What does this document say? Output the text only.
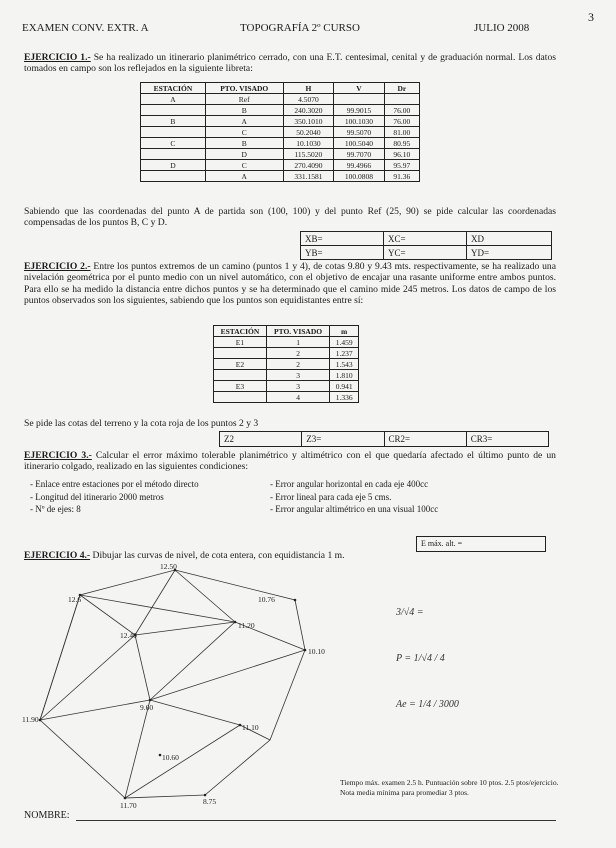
EXAMEN CONV. EXTR. A	TOPOGRAFÍA 2º CURSO	JULIO 2008
3
EJERCICIO 1.- Se ha realizado un itinerario planimétrico cerrado, con una E.T. centesimal, cenital y de graduación normal. Los datos tomados en campo son los reflejados en la siguiente libreta:
ESTACIÓN	PTO. VISADO	H	V	Dr
A	Ref	4.5070		
	B	240.3020	99.9015	76.00
B	A	350.1010	100.1030	76.00
	C	50.2040	99.5070	81.00
C	B	10.1030	100.5040	80.95
	D	115.5020	99.7070	96.10
D	C	270.4090	99.4966	95.97
	A	331.1581	100.0808	91.36
Sabiendo que las coordenadas del punto A de partida son (100, 100) y del punto Ref (25, 90) se pide calcular las coordenadas compensadas de los puntos B, C y D.
XB=	XC=	XD
YB=	YC=	YD=
EJERCICIO 2.- Entre los puntos extremos de un camino (puntos 1 y 4), de cotas 9.80 y 9.43 mts. respectivamente, se ha realizado una nivelación geométrica por el punto medio con un nivel automático, con el objetivo de encajar una rasante uniforme entre ambos puntos. Para ello se ha medido la distancia entre dichos puntos y se ha determinado que el camino mide 245 metros. Los datos de campo de los puntos observados son los siguientes, sabiendo que los puntos son equidistantes entre sí:
ESTACIÓN	PTO. VISADO	m
E1	1	1.459
	2	1.237
E2	2	1.543
	3	1.810
E3	3	0.941
	4	1.336
Se pide las cotas del terreno y la cota roja de los puntos 2 y 3
Z2	Z3=	CR2=	CR3=
EJERCICIO 3.- Calcular el error máximo tolerable planimétrico y altimétrico con el que quedaría afectado el último punto de un itinerario colgado, realizado en las siguientes condiciones:
- Enlace entre estaciones por el método directo
- Longitud del itinerario 2000 metros
- Nº de ejes: 8
- Error angular horizontal en cada eje 400cc
- Error lineal para cada eje 5 cms.
- Error angular altimétrico en una visual 100cc
EJERCICIO 4.- Dibujar las curvas de nivel, de cota entera, con equidistancia 1 m.
E máx. alt. =
12.50
12.6	10.76
12.40
11.20
10.10
11.90
9.60
11.10
10.60
11.70	8.75
3/√4 =
P = 1/√4 / 4
Ae = 1/4 / 3000
Tiempo máx. examen 2.5 h. Puntuación sobre 10 ptos. 2.5 ptos/ejercicio. Nota media mínima para promediar 3 ptos.
NOMBRE:
